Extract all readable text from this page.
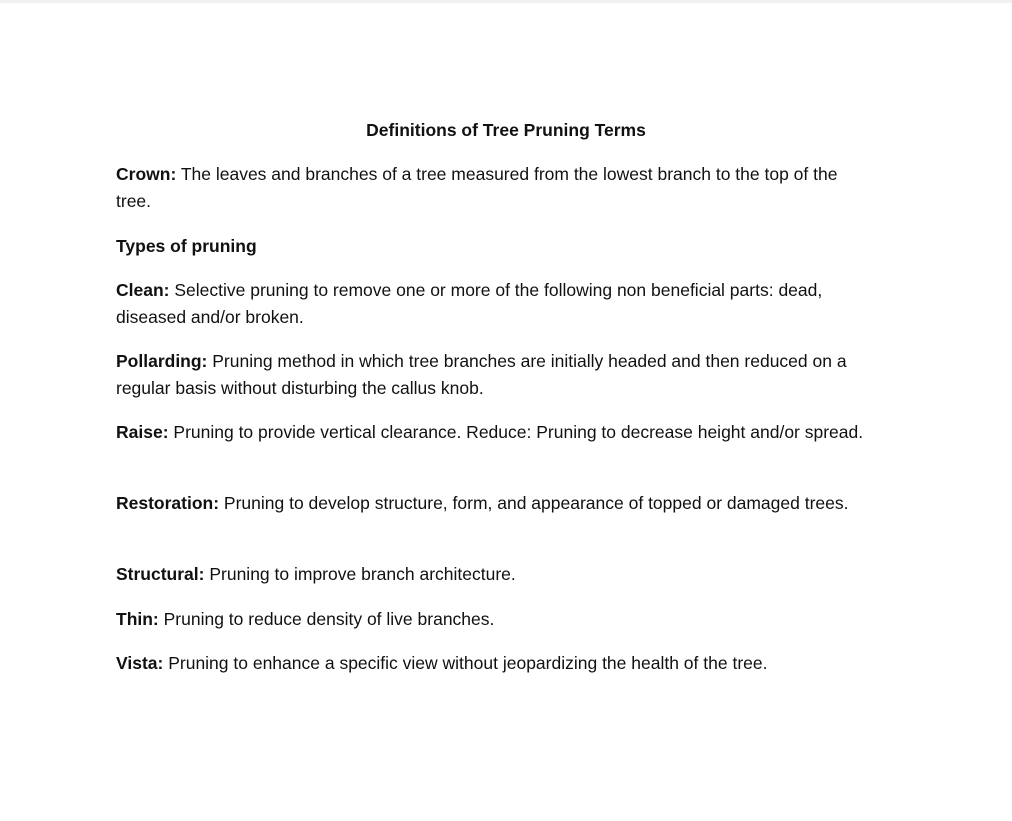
Definitions of Tree Pruning Terms

Crown: The leaves and branches of a tree measured from the lowest branch to the top of the tree.

Types of pruning

Clean: Selective pruning to remove one or more of the following non beneficial parts: dead, diseased and/or broken.

Pollarding: Pruning method in which tree branches are initially headed and then reduced on a regular basis without disturbing the callus knob.

Raise: Pruning to provide vertical clearance. Reduce: Pruning to decrease height and/or spread.

Restoration: Pruning to develop structure, form, and appearance of topped or damaged trees.

Structural: Pruning to improve branch architecture.

Thin: Pruning to reduce density of live branches.

Vista: Pruning to enhance a specific view without jeopardizing the health of the tree.
